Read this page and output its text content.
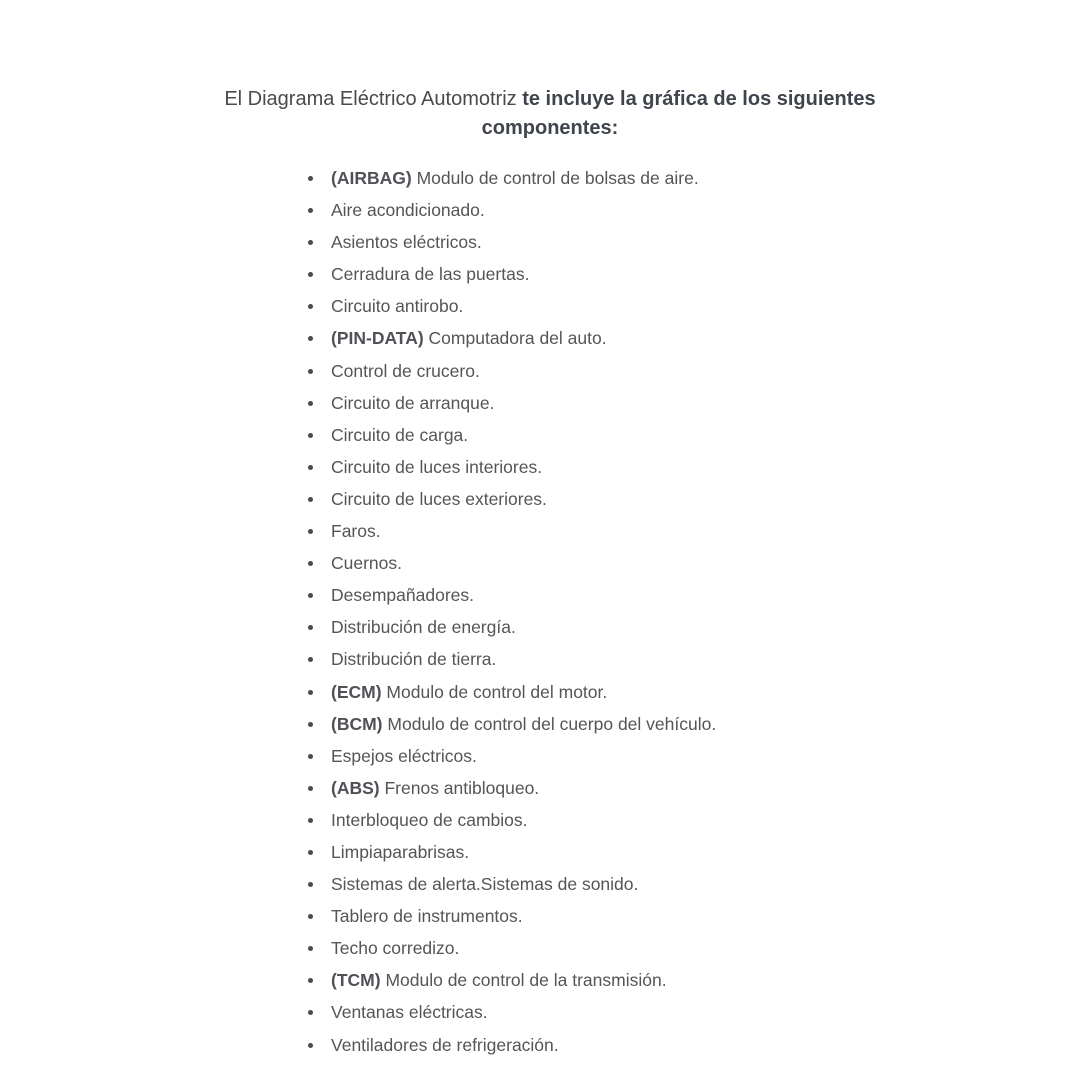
El Diagrama Eléctrico Automotriz te incluye la gráfica de los siguientes componentes:
(AIRBAG) Modulo de control de bolsas de aire.
Aire acondicionado.
Asientos eléctricos.
Cerradura de las puertas.
Circuito antirobo.
(PIN-DATA) Computadora del auto.
Control de crucero.
Circuito de arranque.
Circuito de carga.
Circuito de luces interiores.
Circuito de luces exteriores.
Faros.
Cuernos.
Desempañadores.
Distribución de energía.
Distribución de tierra.
(ECM) Modulo de control del motor.
(BCM) Modulo de control del cuerpo del vehículo.
Espejos eléctricos.
(ABS) Frenos antibloqueo.
Interbloqueo de cambios.
Limpiaparabrisas.
Sistemas de alerta.Sistemas de sonido.
Tablero de instrumentos.
Techo corredizo.
(TCM) Modulo de control de la transmisión.
Ventanas eléctricas.
Ventiladores de refrigeración.
